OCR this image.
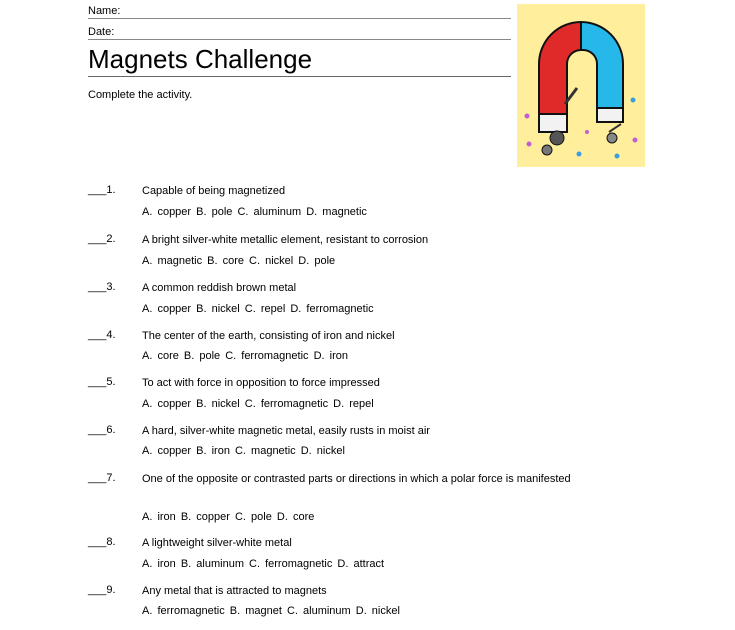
Name:
Date:
Magnets Challenge
Complete the activity.
___1. Capable of being magnetized
A. copper B. pole C. aluminum D. magnetic
___2. A bright silver-white metallic element, resistant to corrosion
A. magnetic B. core C. nickel D. pole
___3. A common reddish brown metal
A. copper B. nickel C. repel D. ferromagnetic
___4. The center of the earth, consisting of iron and nickel
A. core B. pole C. ferromagnetic D. iron
___5. To act with force in opposition to force impressed
A. copper B. nickel C. ferromagnetic D. repel
___6. A hard, silver-white magnetic metal, easily rusts in moist air
A. copper B. iron C. magnetic D. nickel
___7. One of the opposite or contrasted parts or directions in which a polar force is manifested
A. iron B. copper C. pole D. core
___8. A lightweight silver-white metal
A. iron B. aluminum C. ferromagnetic D. attract
___9. Any metal that is attracted to magnets
A. ferromagnetic B. magnet C. aluminum D. nickel
